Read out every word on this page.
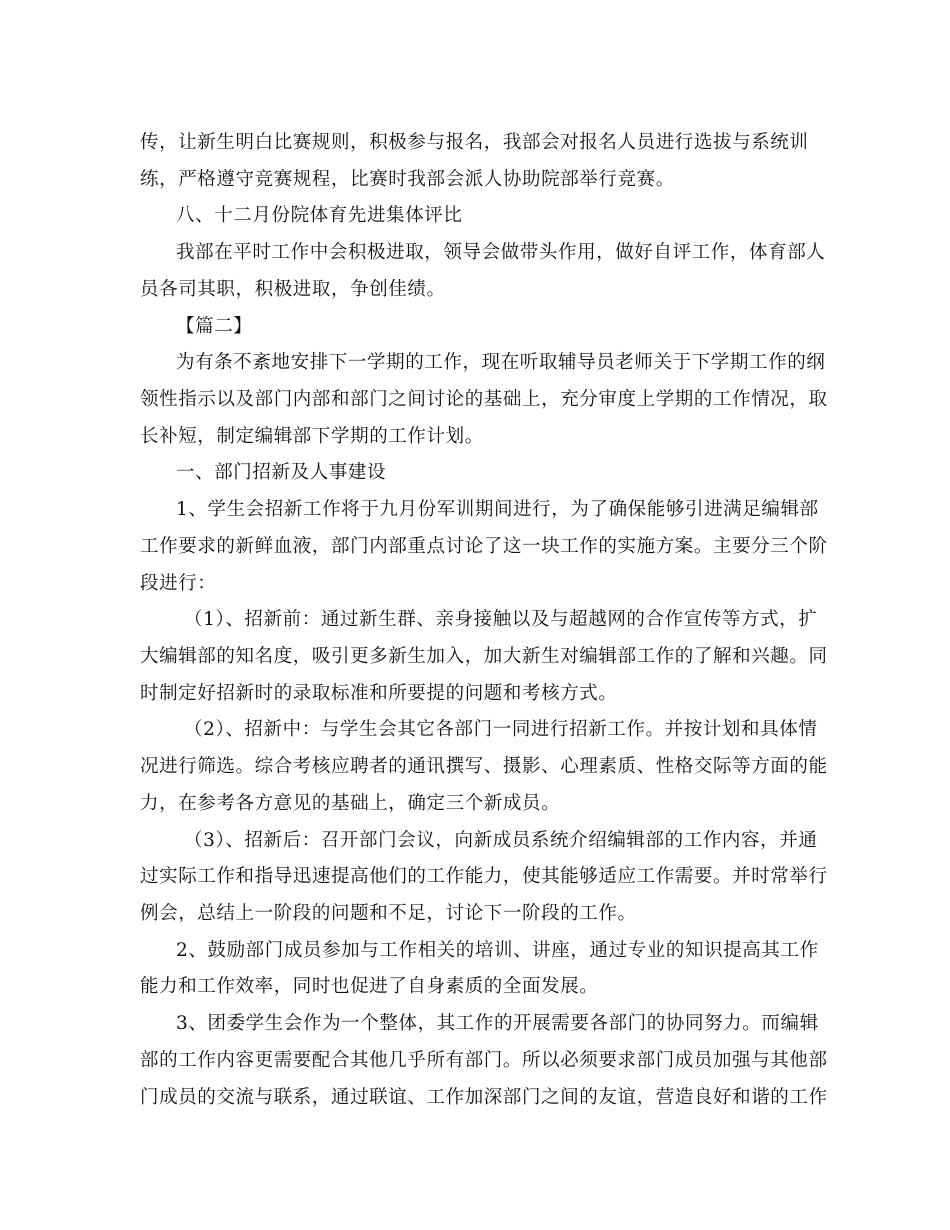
传，让新生明白比赛规则，积极参与报名，我部会对报名人员进行选拔与系统训
练，严格遵守竞赛规程，比赛时我部会派人协助院部举行竞赛。
八、十二月份院体育先进集体评比
我部在平时工作中会积极进取，领导会做带头作用，做好自评工作，体育部人
员各司其职，积极进取，争创佳绩。
【篇二】
为有条不紊地安排下一学期的工作，现在听取辅导员老师关于下学期工作的纲
领性指示以及部门内部和部门之间讨论的基础上，充分审度上学期的工作情况，取
长补短，制定编辑部下学期的工作计划。
一、部门招新及人事建设
1、学生会招新工作将于九月份军训期间进行，为了确保能够引进满足编辑部
工作要求的新鲜血液，部门内部重点讨论了这一块工作的实施方案。主要分三个阶
段进行：
（1）、招新前：通过新生群、亲身接触以及与超越网的合作宣传等方式，扩
大编辑部的知名度，吸引更多新生加入，加大新生对编辑部工作的了解和兴趣。同
时制定好招新时的录取标准和所要提的问题和考核方式。
（2）、招新中：与学生会其它各部门一同进行招新工作。并按计划和具体情
况进行筛选。综合考核应聘者的通讯撰写、摄影、心理素质、性格交际等方面的能
力，在参考各方意见的基础上，确定三个新成员。
（3）、招新后：召开部门会议，向新成员系统介绍编辑部的工作内容，并通
过实际工作和指导迅速提高他们的工作能力，使其能够适应工作需要。并时常举行
例会，总结上一阶段的问题和不足，讨论下一阶段的工作。
2、鼓励部门成员参加与工作相关的培训、讲座，通过专业的知识提高其工作
能力和工作效率，同时也促进了自身素质的全面发展。
3、团委学生会作为一个整体，其工作的开展需要各部门的协同努力。而编辑
部的工作内容更需要配合其他几乎所有部门。所以必须要求部门成员加强与其他部
门成员的交流与联系，通过联谊、工作加深部门之间的友谊，营造良好和谐的工作
